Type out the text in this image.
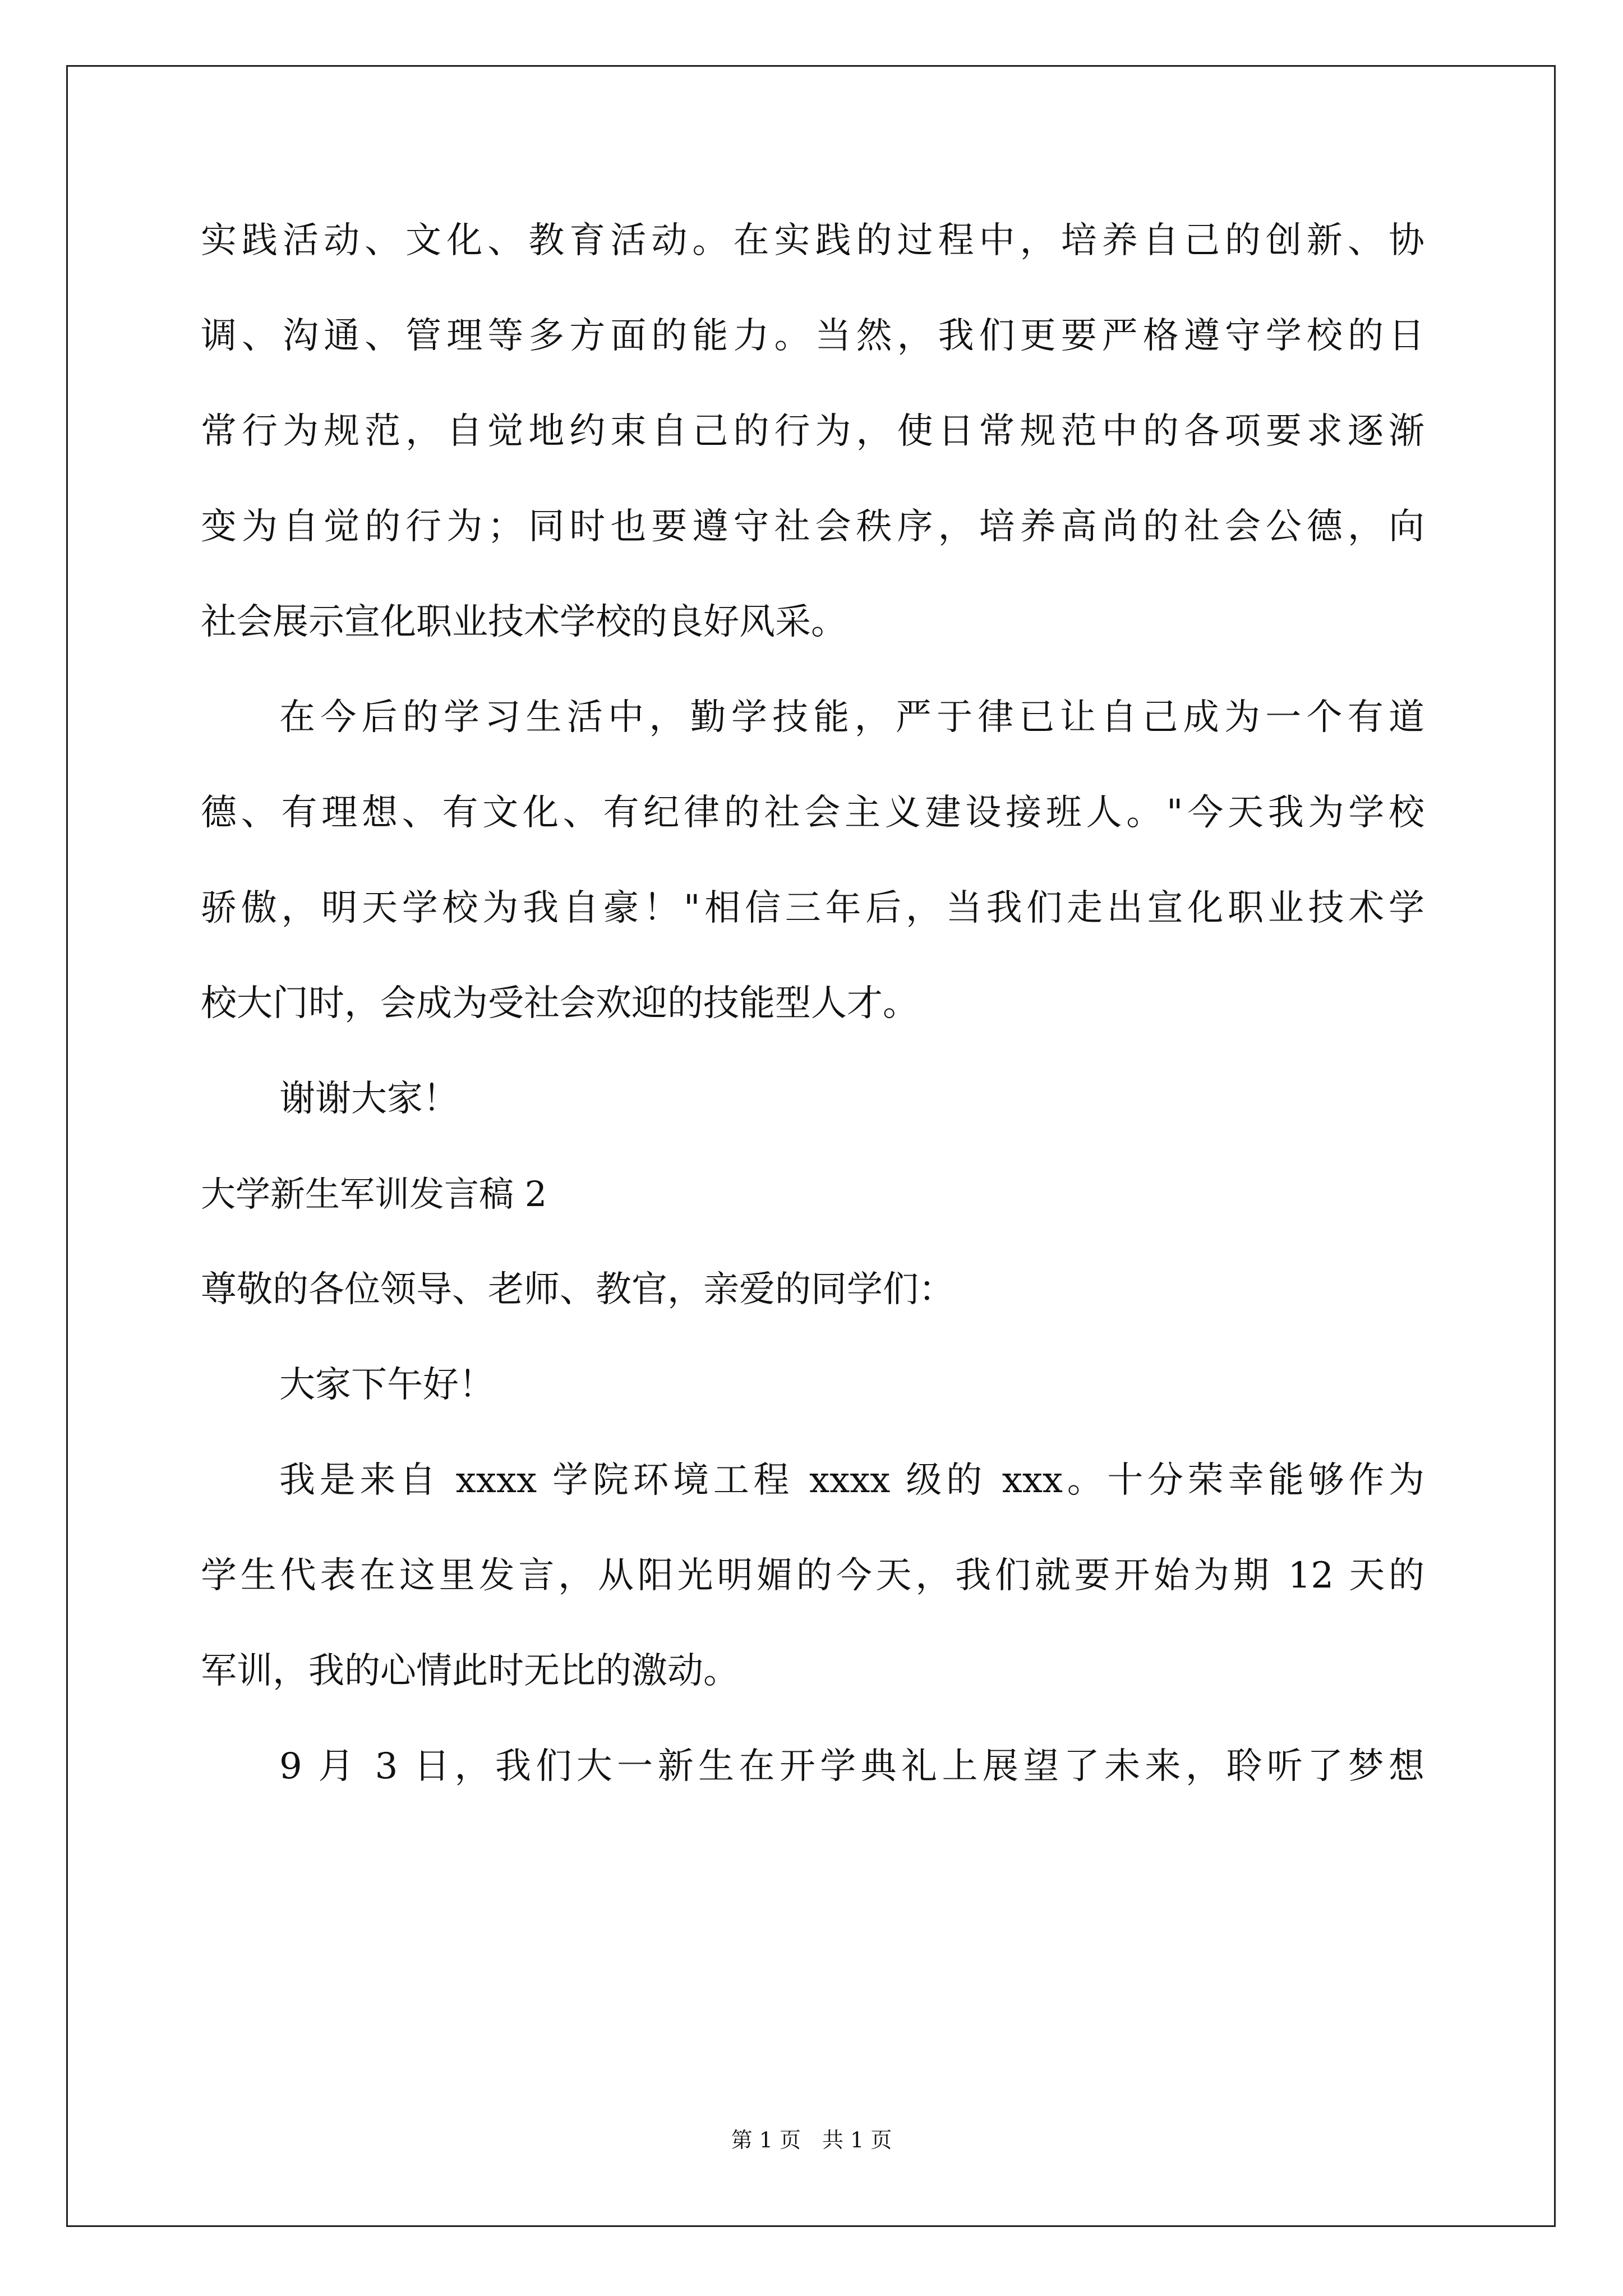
实践活动、文化、教育活动。在实践的过程中，培养自己的创新、协
调、沟通、管理等多方面的能力。当然，我们更要严格遵守学校的日
常行为规范，自觉地约束自己的行为，使日常规范中的各项要求逐渐
变为自觉的行为；同时也要遵守社会秩序，培养高尚的社会公德，向
社会展示宣化职业技术学校的良好风采。
在今后的学习生活中，勤学技能，严于律已让自己成为一个有道
德、有理想、有文化、有纪律的社会主义建设接班人。"今天我为学校
骄傲，明天学校为我自豪！"相信三年后，当我们走出宣化职业技术学
校大门时，会成为受社会欢迎的技能型人才。
谢谢大家！
大学新生军训发言稿 2
尊敬的各位领导、老师、教官，亲爱的同学们：
大家下午好！
我是来自 xxxx 学院环境工程 xxxx 级的 xxx。十分荣幸能够作为
学生代表在这里发言，从阳光明媚的今天，我们就要开始为期 12 天的
军训，我的心情此时无比的激动。
9 月 3 日，我们大一新生在开学典礼上展望了未来，聆听了梦想
第 1 页　共 1 页
